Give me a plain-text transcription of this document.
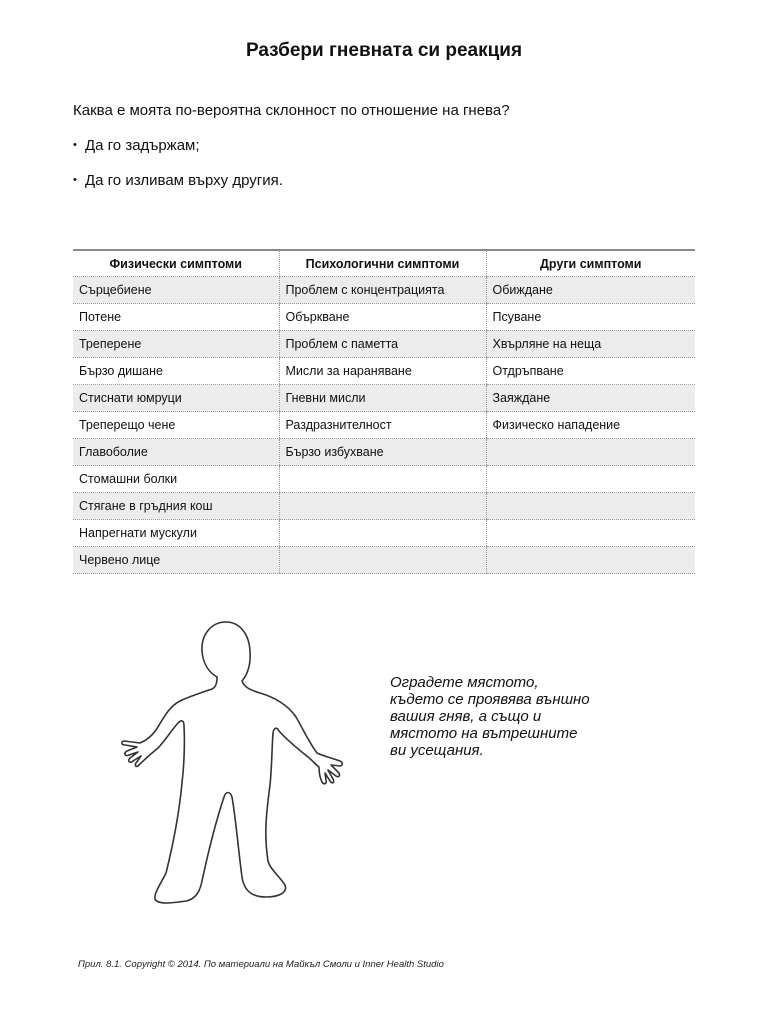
Разбери гневната си реакция
Каква е моята по-вероятна склонност по отношение на гнева?
• Да го задържам;
• Да го изливам върху другия.
Физически симптоми	Психологични симптоми	Други симптоми
Сърцебиене	Проблем с концентрацията	Обиждане
Потене	Объркване	Псуване
Треперене	Проблем с паметта	Хвърляне на неща
Бързо дишане	Мисли за нараняване	Отдръпване
Стиснати юмруци	Гневни мисли	Заяждане
Треперещо чене	Раздразнителност	Физическо нападение
Главоболие	Бързо избухване	
Стомашни болки		
Стягане в гръдния кош		
Напрегнати мускули		
Червено лице		
Оградете мястото, където се проявява външно вашия гняв, а също и мястото на вътрешните ви усещания.
Прил. 8.1. Copyright © 2014. По материали на Майкъл Смоли и Inner Health Studio
